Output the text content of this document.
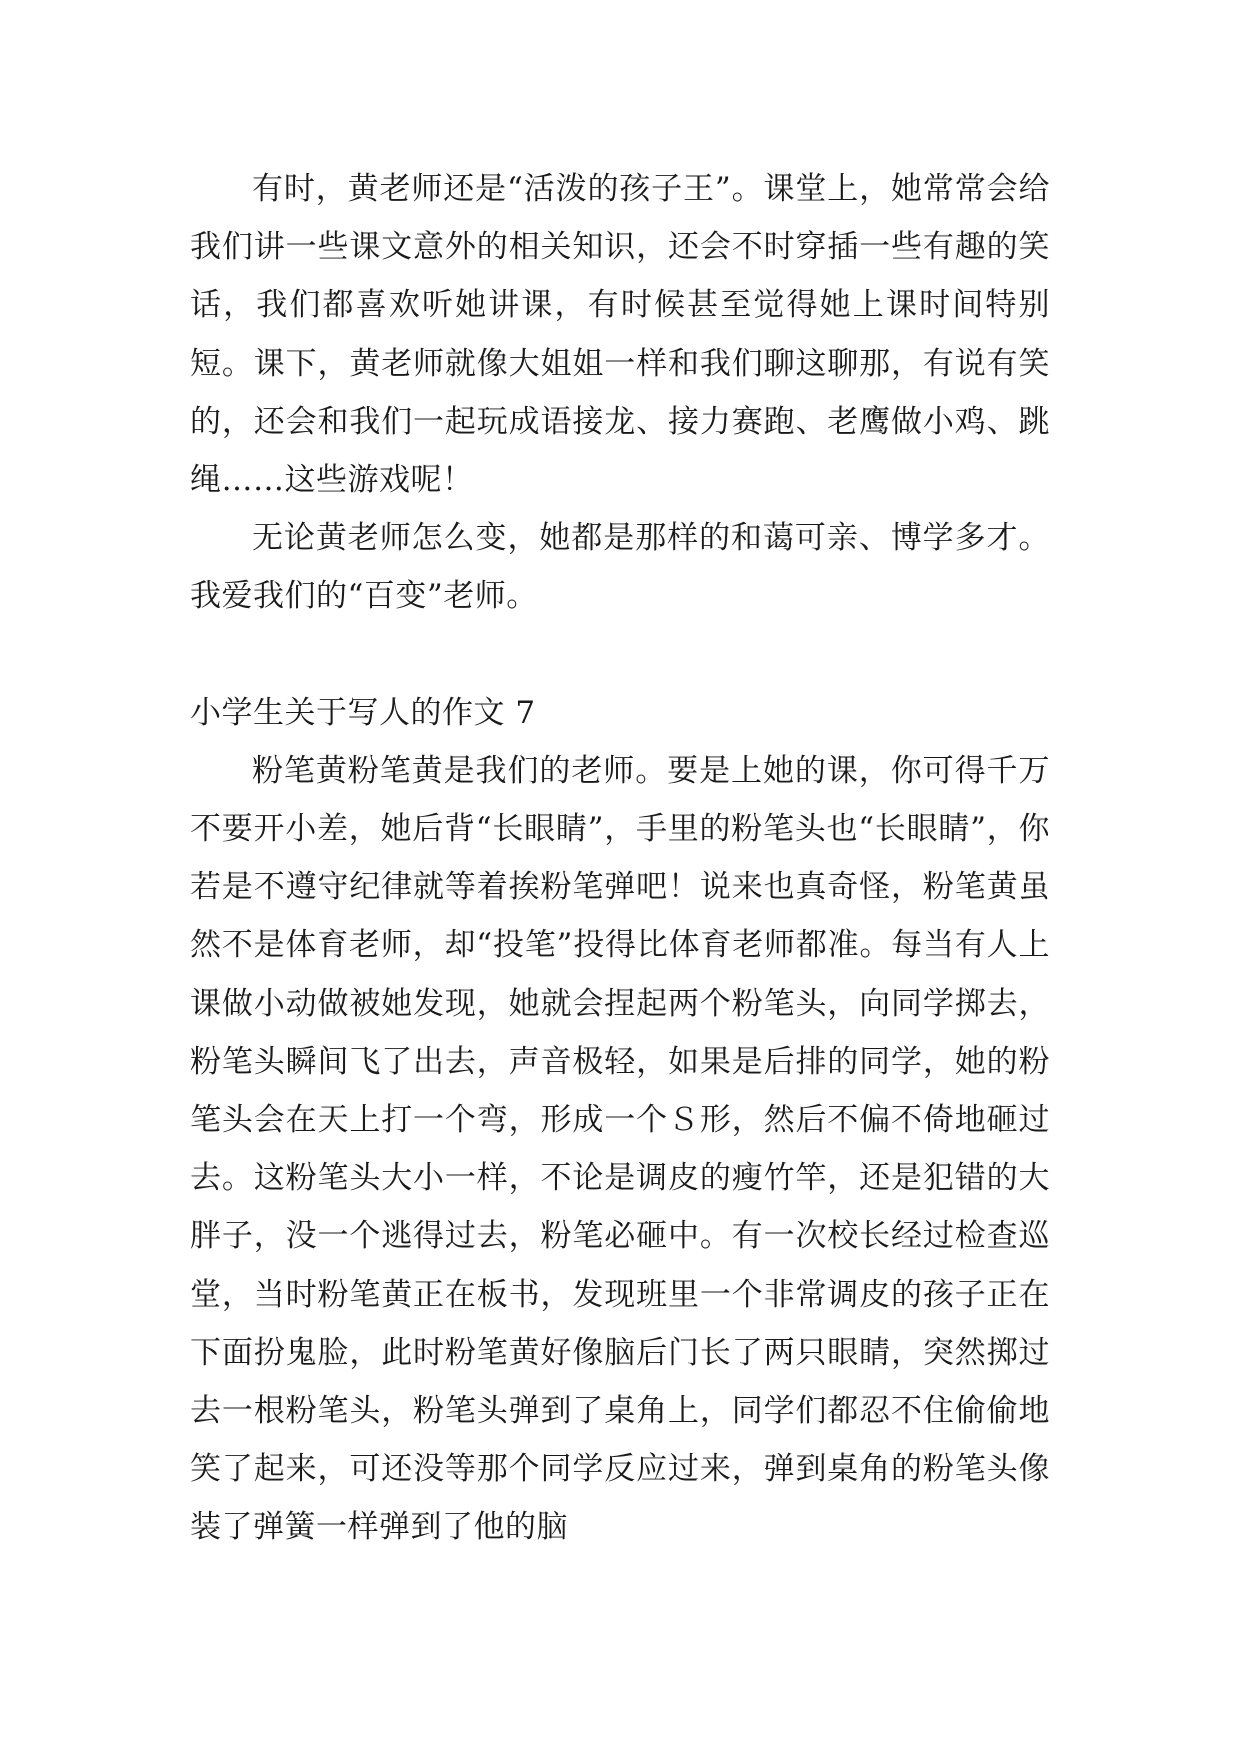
有时，黄老师还是“活泼的孩子王”。课堂上，她常常会给我们讲一些课文意外的相关知识，还会不时穿插一些有趣的笑话，我们都喜欢听她讲课，有时候甚至觉得她上课时间特别短。课下，黄老师就像大姐姐一样和我们聊这聊那，有说有笑的，还会和我们一起玩成语接龙、接力赛跑、老鹰做小鸡、跳绳……这些游戏呢！

无论黄老师怎么变，她都是那样的和蔼可亲、博学多才。我爱我们的“百变”老师。

小学生关于写人的作文 7

粉笔黄粉笔黄是我们的老师。要是上她的课，你可得千万不要开小差，她后背“长眼睛”，手里的粉笔头也“长眼睛”，你若是不遵守纪律就等着挨粉笔弹吧！说来也真奇怪，粉笔黄虽然不是体育老师，却“投笔”投得比体育老师都准。每当有人上课做小动做被她发现，她就会捏起两个粉笔头，向同学掷去，粉笔头瞬间飞了出去，声音极轻，如果是后排的同学，她的粉笔头会在天上打一个弯，形成一个Ｓ形，然后不偏不倚地砸过去。这粉笔头大小一样，不论是调皮的瘦竹竿，还是犯错的大胖子，没一个逃得过去，粉笔必砸中。有一次校长经过检查巡堂，当时粉笔黄正在板书，发现班里一个非常调皮的孩子正在下面扮鬼脸，此时粉笔黄好像脑后门长了两只眼睛，突然掷过去一根粉笔头，粉笔头弹到了桌角上，同学们都忍不住偷偷地笑了起来，可还没等那个同学反应过来，弹到桌角的粉笔头像装了弹簧一样弹到了他的脑
